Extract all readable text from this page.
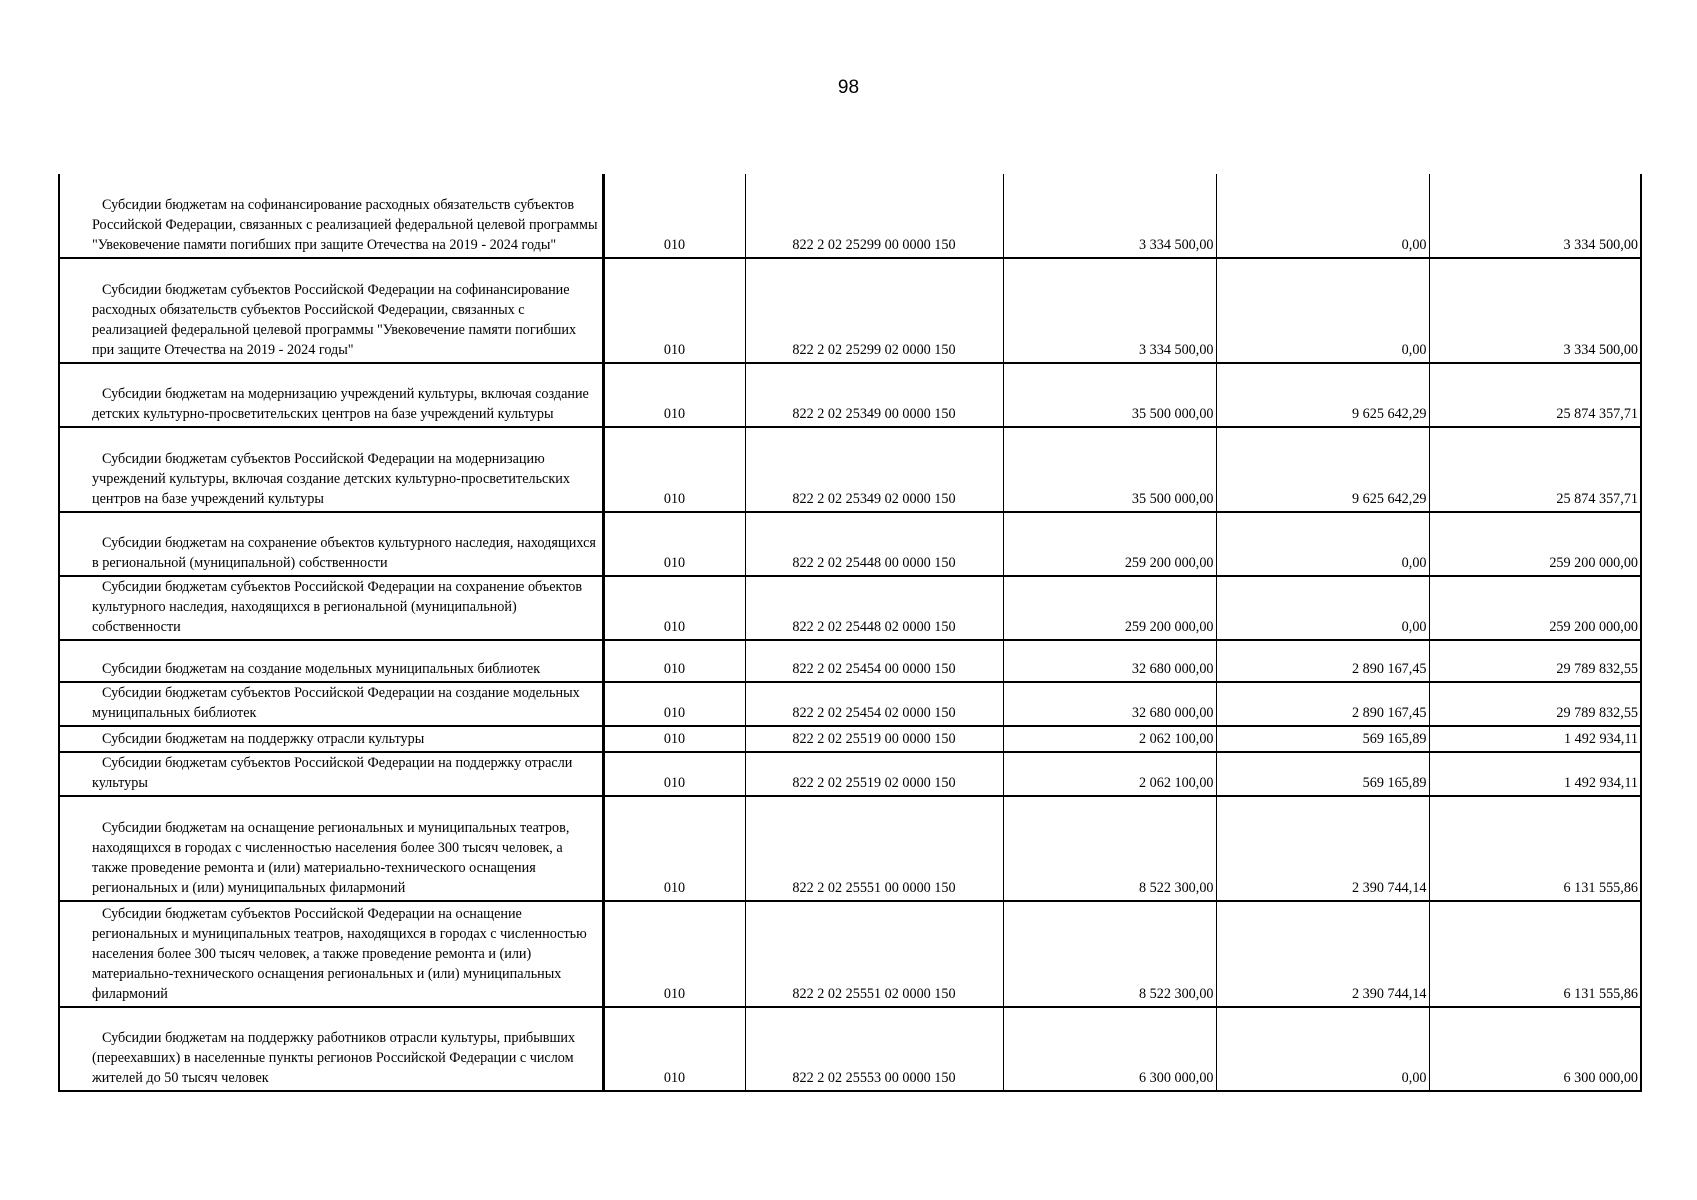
98
Субсидии бюджетам на софинансирование расходных обязательств субъектов Российской Федерации, связанных с реализацией федеральной целевой программы "Увековечение памяти погибших при защите Отечества на 2019 - 2024 годы"	010	822 2 02 25299 00 0000 150	3 334 500,00	0,00	3 334 500,00
Субсидии бюджетам субъектов Российской Федерации на софинансирование расходных обязательств субъектов Российской Федерации, связанных с реализацией федеральной целевой программы "Увековечение памяти погибших при защите Отечества на 2019 - 2024 годы"	010	822 2 02 25299 02 0000 150	3 334 500,00	0,00	3 334 500,00
Субсидии бюджетам на модернизацию учреждений культуры, включая создание детских культурно-просветительских центров на базе учреждений культуры	010	822 2 02 25349 00 0000 150	35 500 000,00	9 625 642,29	25 874 357,71
Субсидии бюджетам субъектов Российской Федерации на модернизацию учреждений культуры, включая создание детских культурно-просветительских центров на базе учреждений культуры	010	822 2 02 25349 02 0000 150	35 500 000,00	9 625 642,29	25 874 357,71
Субсидии бюджетам на сохранение объектов культурного наследия, находящихся в региональной (муниципальной) собственности	010	822 2 02 25448 00 0000 150	259 200 000,00	0,00	259 200 000,00
Субсидии бюджетам субъектов Российской Федерации на сохранение объектов культурного наследия, находящихся в региональной (муниципальной) собственности	010	822 2 02 25448 02 0000 150	259 200 000,00	0,00	259 200 000,00
Субсидии бюджетам на создание модельных муниципальных библиотек	010	822 2 02 25454 00 0000 150	32 680 000,00	2 890 167,45	29 789 832,55
Субсидии бюджетам субъектов Российской Федерации на создание модельных муниципальных библиотек	010	822 2 02 25454 02 0000 150	32 680 000,00	2 890 167,45	29 789 832,55
Субсидии бюджетам на поддержку отрасли культуры	010	822 2 02 25519 00 0000 150	2 062 100,00	569 165,89	1 492 934,11
Субсидии бюджетам субъектов Российской Федерации на поддержку отрасли культуры	010	822 2 02 25519 02 0000 150	2 062 100,00	569 165,89	1 492 934,11
Субсидии бюджетам на оснащение региональных и муниципальных театров, находящихся в городах с численностью населения более 300 тысяч человек, а также проведение ремонта и (или) материально-технического оснащения региональных и (или) муниципальных филармоний	010	822 2 02 25551 00 0000 150	8 522 300,00	2 390 744,14	6 131 555,86
Субсидии бюджетам субъектов Российской Федерации на оснащение региональных и муниципальных театров, находящихся в городах с численностью населения более 300 тысяч человек, а также проведение ремонта и (или) материально-технического оснащения региональных и (или) муниципальных филармоний	010	822 2 02 25551 02 0000 150	8 522 300,00	2 390 744,14	6 131 555,86
Субсидии бюджетам на поддержку работников отрасли культуры, прибывших (переехавших) в населенные пункты регионов Российской Федерации с числом жителей до 50 тысяч человек	010	822 2 02 25553 00 0000 150	6 300 000,00	0,00	6 300 000,00
